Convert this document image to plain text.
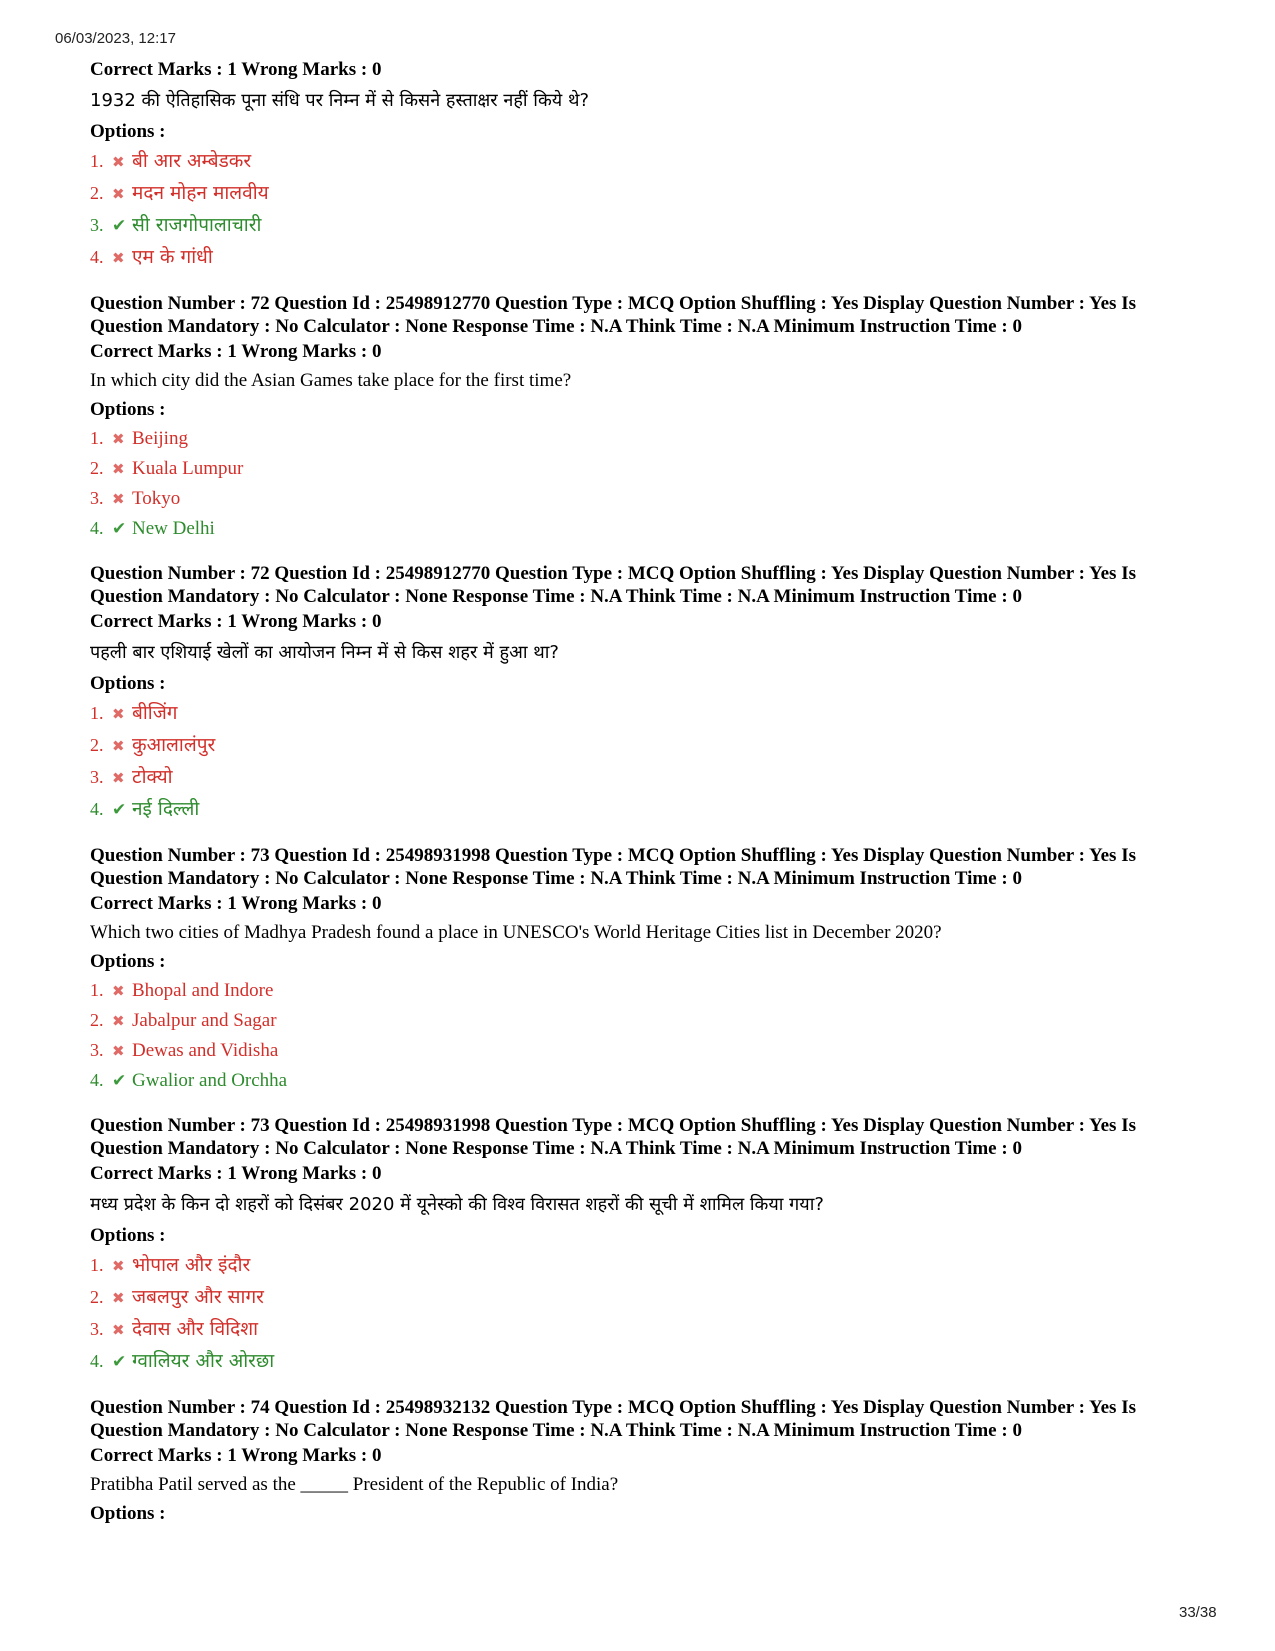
06/03/2023, 12:17
Correct Marks : 1 Wrong Marks : 0
1932 की ऐतिहासिक पूना संधि पर निम्न में से किसने हस्ताक्षर नहीं किये थे?
Options :
1. ✖ बी आर अम्बेडकर
2. ✖ मदन मोहन मालवीय
3. ✔ सी राजगोपालाचारी
4. ✖ एम के गांधी
Question Number : 72 Question Id : 25498912770 Question Type : MCQ Option Shuffling : Yes Display Question Number : Yes Is Question Mandatory : No Calculator : None Response Time : N.A Think Time : N.A Minimum Instruction Time : 0
Correct Marks : 1 Wrong Marks : 0
In which city did the Asian Games take place for the first time?
Options :
1. ✖ Beijing
2. ✖ Kuala Lumpur
3. ✖ Tokyo
4. ✔ New Delhi
Question Number : 72 Question Id : 25498912770 Question Type : MCQ Option Shuffling : Yes Display Question Number : Yes Is Question Mandatory : No Calculator : None Response Time : N.A Think Time : N.A Minimum Instruction Time : 0
Correct Marks : 1 Wrong Marks : 0
पहली बार एशियाई खेलों का आयोजन निम्न में से किस शहर में हुआ था?
Options :
1. ✖ बीजिंग
2. ✖ कुआलालंपुर
3. ✖ टोक्यो
4. ✔ नई दिल्ली
Question Number : 73 Question Id : 25498931998 Question Type : MCQ Option Shuffling : Yes Display Question Number : Yes Is Question Mandatory : No Calculator : None Response Time : N.A Think Time : N.A Minimum Instruction Time : 0
Correct Marks : 1 Wrong Marks : 0
Which two cities of Madhya Pradesh found a place in UNESCO's World Heritage Cities list in December 2020?
Options :
1. ✖ Bhopal and Indore
2. ✖ Jabalpur and Sagar
3. ✖ Dewas and Vidisha
4. ✔ Gwalior and Orchha
Question Number : 73 Question Id : 25498931998 Question Type : MCQ Option Shuffling : Yes Display Question Number : Yes Is Question Mandatory : No Calculator : None Response Time : N.A Think Time : N.A Minimum Instruction Time : 0
Correct Marks : 1 Wrong Marks : 0
मध्य प्रदेश के किन दो शहरों को दिसंबर 2020 में यूनेस्को की विश्व विरासत शहरों की सूची में शामिल किया गया?
Options :
1. ✖ भोपाल और इंदौर
2. ✖ जबलपुर और सागर
3. ✖ देवास और विदिशा
4. ✔ ग्वालियर और ओरछा
Question Number : 74 Question Id : 25498932132 Question Type : MCQ Option Shuffling : Yes Display Question Number : Yes Is Question Mandatory : No Calculator : None Response Time : N.A Think Time : N.A Minimum Instruction Time : 0
Correct Marks : 1 Wrong Marks : 0
Pratibha Patil served as the _____ President of the Republic of India?
Options :
33/38
